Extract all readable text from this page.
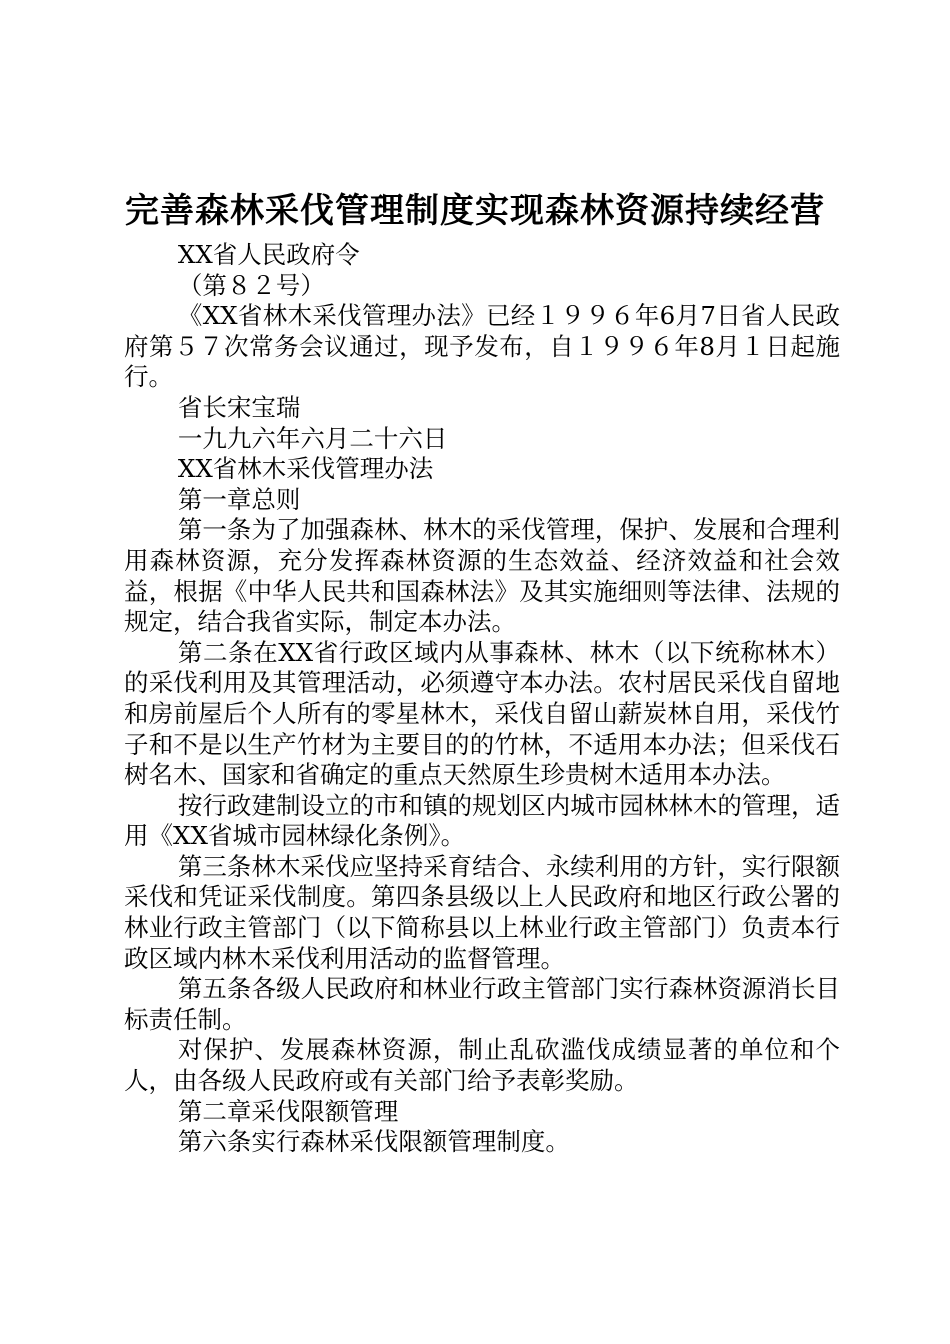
完善森林采伐管理制度实现森林资源持续经营

XX省人民政府令

（第８２号）

《XX省林木采伐管理办法》已经１９９６年6月7日省人民政府第５７次常务会议通过，现予发布，自１９９６年8月１日起施行。

省长宋宝瑞

一九九六年六月二十六日

XX省林木采伐管理办法

第一章总则

第一条为了加强森林、林木的采伐管理，保护、发展和合理利用森林资源，充分发挥森林资源的生态效益、经济效益和社会效益，根据《中华人民共和国森林法》及其实施细则等法律、法规的规定，结合我省实际，制定本办法。

第二条在XX省行政区域内从事森林、林木（以下统称林木）的采伐利用及其管理活动，必须遵守本办法。农村居民采伐自留地和房前屋后个人所有的零星林木，采伐自留山薪炭林自用，采伐竹子和不是以生产竹材为主要目的的竹林，不适用本办法；但采伐石树名木、国家和省确定的重点天然原生珍贵树木适用本办法。

按行政建制设立的市和镇的规划区内城市园林林木的管理，适用《XX省城市园林绿化条例》。

第三条林木采伐应坚持采育结合、永续利用的方针，实行限额采伐和凭证采伐制度。第四条县级以上人民政府和地区行政公署的林业行政主管部门（以下简称县以上林业行政主管部门）负责本行政区域内林木采伐利用活动的监督管理。

第五条各级人民政府和林业行政主管部门实行森林资源消长目标责任制。

对保护、发展森林资源，制止乱砍滥伐成绩显著的单位和个人，由各级人民政府或有关部门给予表彰奖励。

第二章采伐限额管理

第六条实行森林采伐限额管理制度。
